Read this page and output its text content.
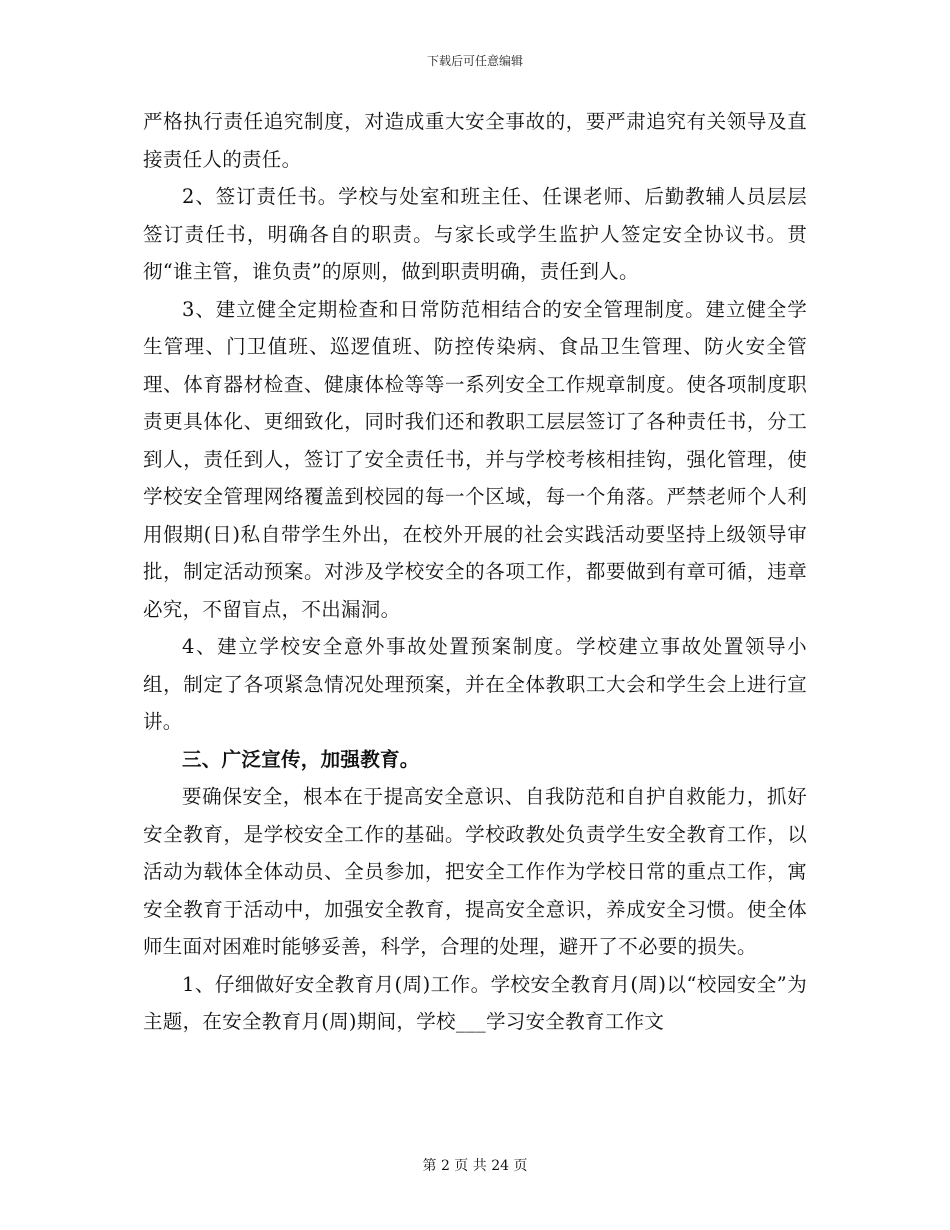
下载后可任意编辑

严格执行责任追究制度，对造成重大安全事故的，要严肃追究有关领导及直接责任人的责任。

2、签订责任书。学校与处室和班主任、任课老师、后勤教辅人员层层签订责任书，明确各自的职责。与家长或学生监护人签定安全协议书。贯彻“谁主管，谁负责”的原则，做到职责明确，责任到人。

3、建立健全定期检查和日常防范相结合的安全管理制度。建立健全学生管理、门卫值班、巡逻值班、防控传染病、食品卫生管理、防火安全管理、体育器材检查、健康体检等等一系列安全工作规章制度。使各项制度职责更具体化、更细致化，同时我们还和教职工层层签订了各种责任书，分工到人，责任到人，签订了安全责任书，并与学校考核相挂钩，强化管理，使学校安全管理网络覆盖到校园的每一个区域，每一个角落。严禁老师个人利用假期(日)私自带学生外出，在校外开展的社会实践活动要坚持上级领导审批，制定活动预案。对涉及学校安全的各项工作，都要做到有章可循，违章必究，不留盲点，不出漏洞。

4、建立学校安全意外事故处置预案制度。学校建立事故处置领导小组，制定了各项紧急情况处理预案，并在全体教职工大会和学生会上进行宣讲。

三、广泛宣传，加强教育。

要确保安全，根本在于提高安全意识、自我防范和自护自救能力，抓好安全教育，是学校安全工作的基础。学校政教处负责学生安全教育工作，以活动为载体全体动员、全员参加，把安全工作作为学校日常的重点工作，寓安全教育于活动中，加强安全教育，提高安全意识，养成安全习惯。使全体师生面对困难时能够妥善，科学，合理的处理，避开了不必要的损失。

1、仔细做好安全教育月(周)工作。学校安全教育月(周)以“校园安全”为主题，在安全教育月(周)期间，学校___学习安全教育工作文

第 2 页 共 24 页
